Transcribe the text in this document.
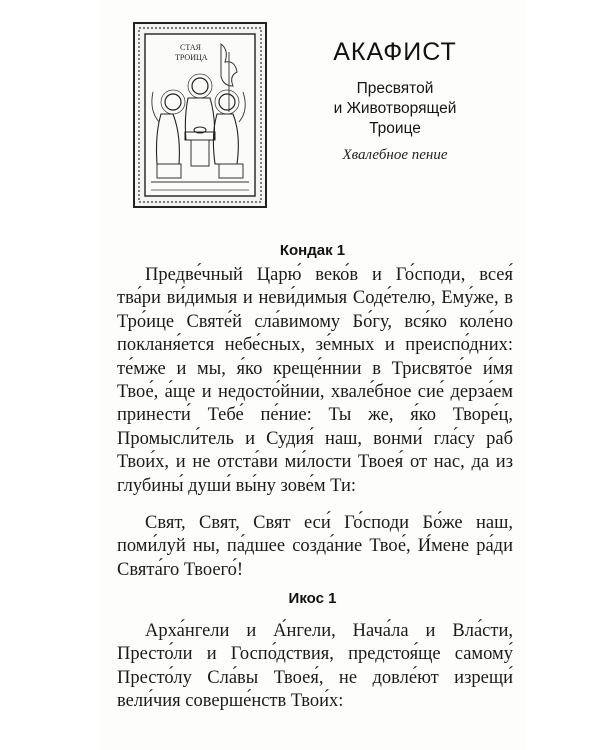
СТАЯ
ТРОИЦА	АКАФИСТ
Пресвятой
и Животворящей
Троице
Хвалебное пение
Кондак 1

Предве́чный Царю́ веко́в и Го́споди, всея́ тва́ри ви́димыя и неви́димыя Соде́телю, Ему́же, в Тро́ице Святе́й сла́вимому Бо́гу, вся́ко коле́но покланя́ется небе́сных, зе́мных и преиспо́дних: те́мже и мы, я́ко креще́ннии в Трисвято́е и́мя Твое́, а́ще и недосто́йнии, хвале́бное сие́ дерза́ем принести́ Тебе́ пе́ние: Ты же, я́ко Творе́ц, Промысли́тель и Судия́ наш, вонми́ гла́су раб Твои́х, и не отста́ви ми́лости Твоея́ от нас, да из глубины́ души́ вы́ну зове́м Ти:

Свят, Свят, Свят еси́ Го́споди Бо́же наш, поми́луй ны, па́дшее созда́ние Твое́, И́мене ра́ди Свята́го Твоего́!

Икос 1

Арха́нгели и А́нгели, Нача́ла и Вла́сти, Престо́ли и Госпо́дствия, предстоя́ще самому́ Престо́лу Сла́вы Твоея́, не довле́ют изрещи́ вели́чия соверше́нств Твои́х:
